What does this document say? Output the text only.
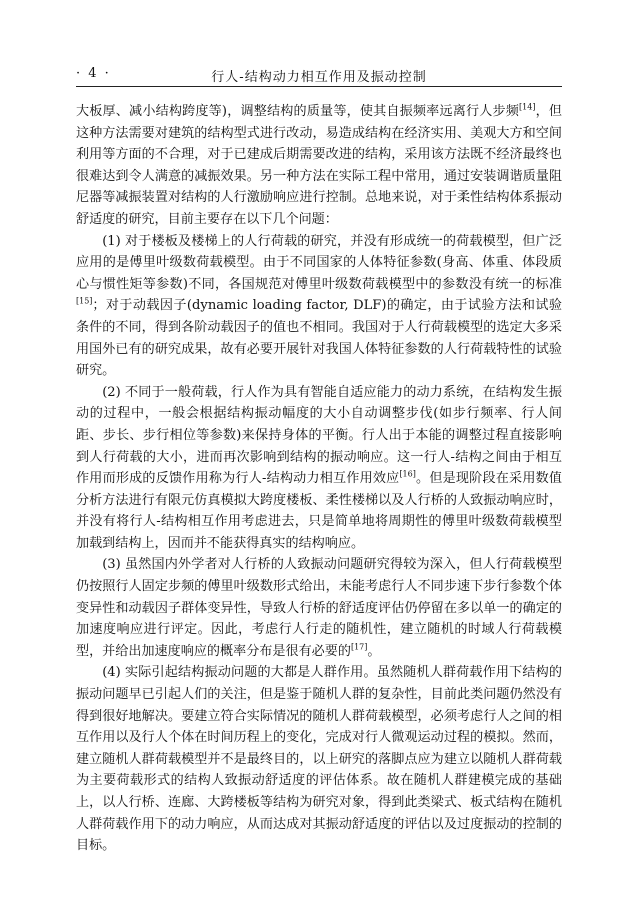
· 4 ·	行人-结构动力相互作用及振动控制

大板厚、减小结构跨度等)，调整结构的质量等，使其自振频率远离行人步频[14]，但这种方法需要对建筑的结构型式进行改动，易造成结构在经济实用、美观大方和空间利用等方面的不合理，对于已建成后期需要改进的结构，采用该方法既不经济最终也很难达到令人满意的减振效果。另一种方法在实际工程中常用，通过安装调谐质量阻尼器等减振装置对结构的人行激励响应进行控制。总地来说，对于柔性结构体系振动舒适度的研究，目前主要存在以下几个问题：

(1) 对于楼板及楼梯上的人行荷载的研究，并没有形成统一的荷载模型，但广泛应用的是傅里叶级数荷载模型。由于不同国家的人体特征参数(身高、体重、体段质心与惯性矩等参数)不同，各国规范对傅里叶级数荷载模型中的参数没有统一的标准[15]；对于动载因子(dynamic loading factor, DLF)的确定，由于试验方法和试验条件的不同，得到各阶动载因子的值也不相同。我国对于人行荷载模型的选定大多采用国外已有的研究成果，故有必要开展针对我国人体特征参数的人行荷载特性的试验研究。

(2) 不同于一般荷载，行人作为具有智能自适应能力的动力系统，在结构发生振动的过程中，一般会根据结构振动幅度的大小自动调整步伐(如步行频率、行人间距、步长、步行相位等参数)来保持身体的平衡。行人出于本能的调整过程直接影响到人行荷载的大小，进而再次影响到结构的振动响应。这一行人-结构之间由于相互作用而形成的反馈作用称为行人-结构动力相互作用效应[16]。但是现阶段在采用数值分析方法进行有限元仿真模拟大跨度楼板、柔性楼梯以及人行桥的人致振动响应时，并没有将行人-结构相互作用考虑进去，只是简单地将周期性的傅里叶级数荷载模型加载到结构上，因而并不能获得真实的结构响应。

(3) 虽然国内外学者对人行桥的人致振动问题研究得较为深入，但人行荷载模型仍按照行人固定步频的傅里叶级数形式给出，未能考虑行人不同步速下步行参数个体变异性和动载因子群体变异性，导致人行桥的舒适度评估仍停留在多以单一的确定的加速度响应进行评定。因此，考虑行人行走的随机性，建立随机的时域人行荷载模型，并给出加速度响应的概率分布是很有必要的[17]。

(4) 实际引起结构振动问题的大都是人群作用。虽然随机人群荷载作用下结构的振动问题早已引起人们的关注，但是鉴于随机人群的复杂性，目前此类问题仍然没有得到很好地解决。要建立符合实际情况的随机人群荷载模型，必须考虑行人之间的相互作用以及行人个体在时间历程上的变化，完成对行人微观运动过程的模拟。然而，建立随机人群荷载模型并不是最终目的，以上研究的落脚点应为建立以随机人群荷载为主要荷载形式的结构人致振动舒适度的评估体系。故在随机人群建模完成的基础上，以人行桥、连廊、大跨楼板等结构为研究对象，得到此类梁式、板式结构在随机人群荷载作用下的动力响应，从而达成对其振动舒适度的评估以及过度振动的控制的目标。
